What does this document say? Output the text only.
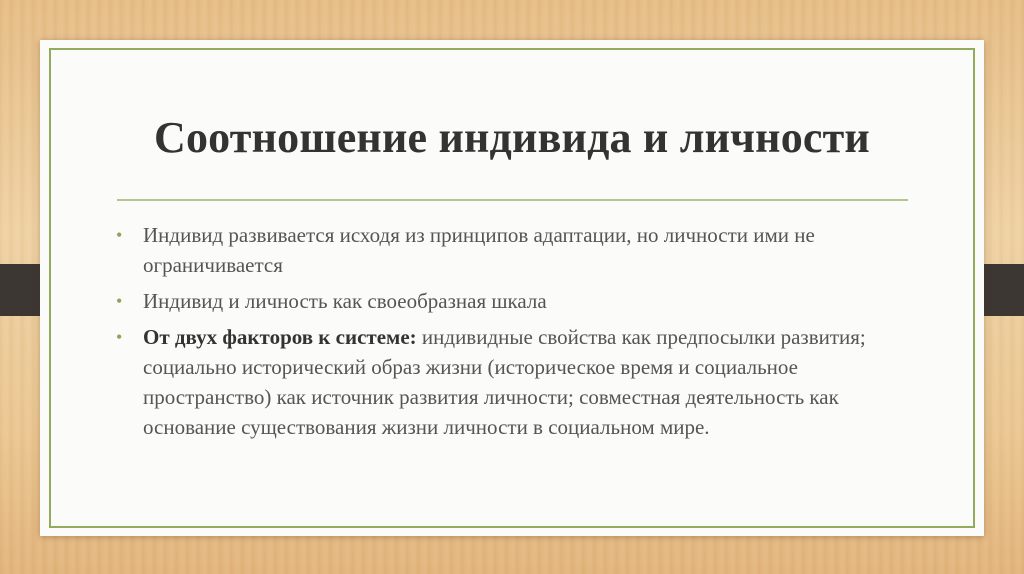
Соотношение индивида и личности
• Индивид развивается исходя из принципов адаптации, но личности ими не ограничивается
• Индивид и личность как своеобразная шкала
• От двух факторов к системе: индивидные свойства как предпосылки развития; социально исторический образ жизни (историческое время и социальное пространство) как источник развития личности; совместная деятельность как основание существования жизни личности в социальном мире.
